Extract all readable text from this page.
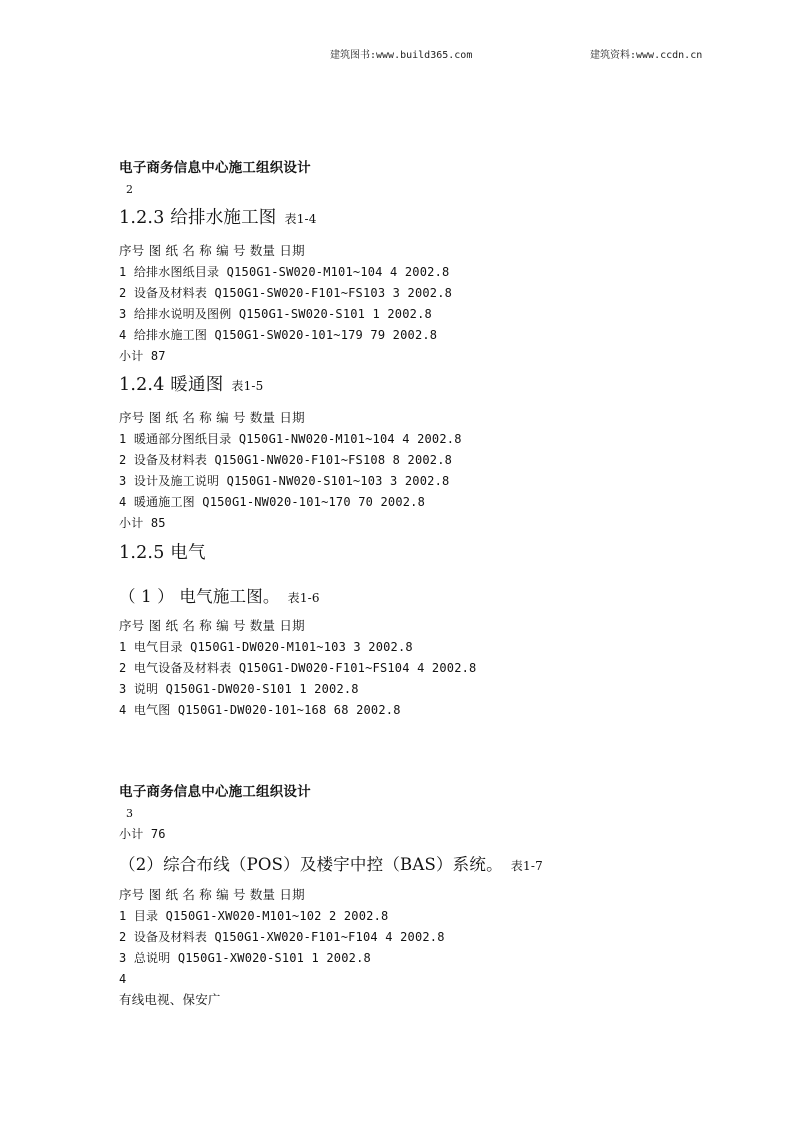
建筑图书:www.build365.com	建筑资料:www.ccdn.cn
电子商务信息中心施工组织设计
2
1.2.3 给排水施工图 表1-4
序号 图 纸 名 称 编 号 数量 日期
1 给排水图纸目录 Q150G1-SW020-M101~104 4 2002.8
2 设备及材料表 Q150G1-SW020-F101~FS103 3 2002.8
3 给排水说明及图例 Q150G1-SW020-S101 1 2002.8
4 给排水施工图 Q150G1-SW020-101~179 79 2002.8
小计 87
1.2.4 暖通图 表1-5
序号 图 纸 名 称 编 号 数量 日期
1 暖通部分图纸目录 Q150G1-NW020-M101~104 4 2002.8
2 设备及材料表 Q150G1-NW020-F101~FS108 8 2002.8
3 设计及施工说明 Q150G1-NW020-S101~103 3 2002.8
4 暖通施工图 Q150G1-NW020-101~170 70 2002.8
小计 85
1.2.5 电气
（ 1 ） 电气施工图。 表1-6
序号 图 纸 名 称 编 号 数量 日期
1 电气目录 Q150G1-DW020-M101~103 3 2002.8
2 电气设备及材料表 Q150G1-DW020-F101~FS104 4 2002.8
3 说明 Q150G1-DW020-S101 1 2002.8
4 电气图 Q150G1-DW020-101~168 68 2002.8
电子商务信息中心施工组织设计
3
小计 76
（2）综合布线（POS）及楼宇中控（BAS）系统。 表1-7
序号 图 纸 名 称 编 号 数量 日期
1 目录 Q150G1-XW020-M101~102 2 2002.8
2 设备及材料表 Q150G1-XW020-F101~F104 4 2002.8
3 总说明 Q150G1-XW020-S101 1 2002.8
4
有线电视、保安广
